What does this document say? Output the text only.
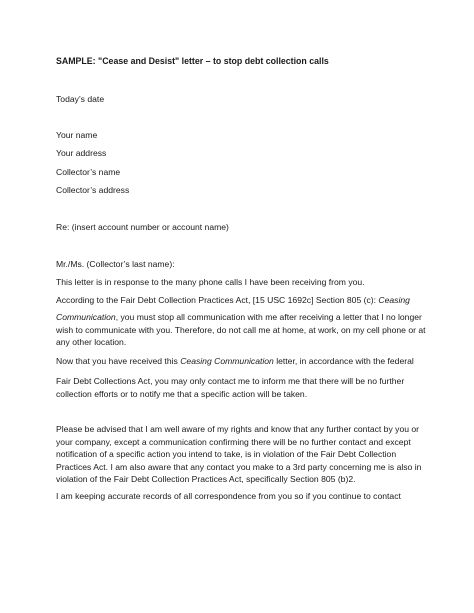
SAMPLE: "Cease and Desist" letter – to stop debt collection calls

Today’s date

Your name

Your address

Collector’s name

Collector’s address

Re: (insert account number or account name)

Mr./Ms. (Collector’s last name):

This letter is in response to the many phone calls I have been receiving from you.

According to the Fair Debt Collection Practices Act, [15 USC 1692c] Section 805 (c): Ceasing

Communication, you must stop all communication with me after receiving a letter that I no longer wish to communicate with you. Therefore, do not call me at home, at work, on my cell phone or at any other location.

Now that you have received this Ceasing Communication letter, in accordance with the federal

Fair Debt Collections Act, you may only contact me to inform me that there will be no further collection efforts or to notify me that a specific action will be taken.

Please be advised that I am well aware of my rights and know that any further contact by you or your company, except a communication confirming there will be no further contact and except notification of a specific action you intend to take, is in violation of the Fair Debt Collection Practices Act. I am also aware that any contact you make to a 3rd party concerning me is also in violation of the Fair Debt Collection Practices Act, specifically Section 805 (b)2.

I am keeping accurate records of all correspondence from you so if you continue to contact
